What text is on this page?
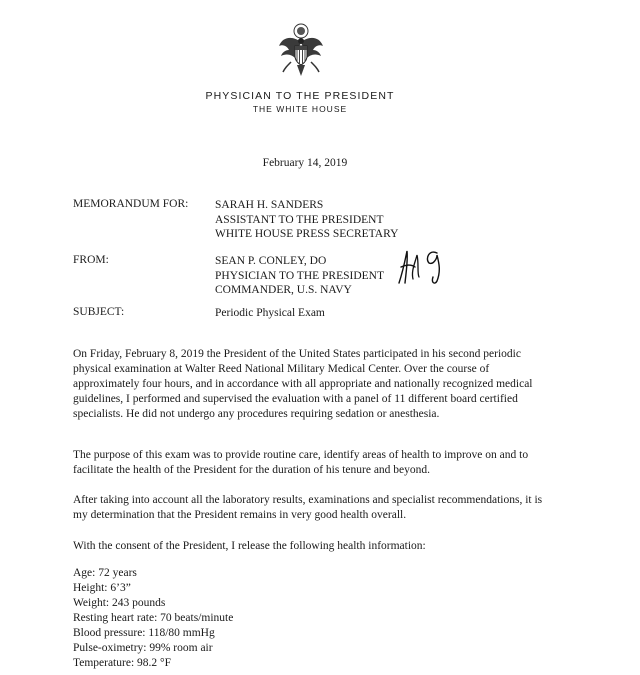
PHYSICIAN TO THE PRESIDENT
THE WHITE HOUSE
February 14, 2019
MEMORANDUM FOR: SARAH H. SANDERS
ASSISTANT TO THE PRESIDENT
WHITE HOUSE PRESS SECRETARY
FROM:	SEAN P. CONLEY, DO
PHYSICIAN TO THE PRESIDENT
COMMANDER, U.S. NAVY
SUBJECT:	Periodic Physical Exam

On Friday, February 8, 2019 the President of the United States participated in his second periodic physical examination at Walter Reed National Military Medical Center. Over the course of approximately four hours, and in accordance with all appropriate and nationally recognized medical guidelines, I performed and supervised the evaluation with a panel of 11 different board certified specialists. He did not undergo any procedures requiring sedation or anesthesia.

The purpose of this exam was to provide routine care, identify areas of health to improve on and to facilitate the health of the President for the duration of his tenure and beyond.

After taking into account all the laboratory results, examinations and specialist recommendations, it is my determination that the President remains in very good health overall.

With the consent of the President, I release the following health information:

Age: 72 years
Height: 6’3”
Weight: 243 pounds
Resting heart rate: 70 beats/minute
Blood pressure: 118/80 mmHg
Pulse-oximetry: 99% room air
Temperature: 98.2 °F
